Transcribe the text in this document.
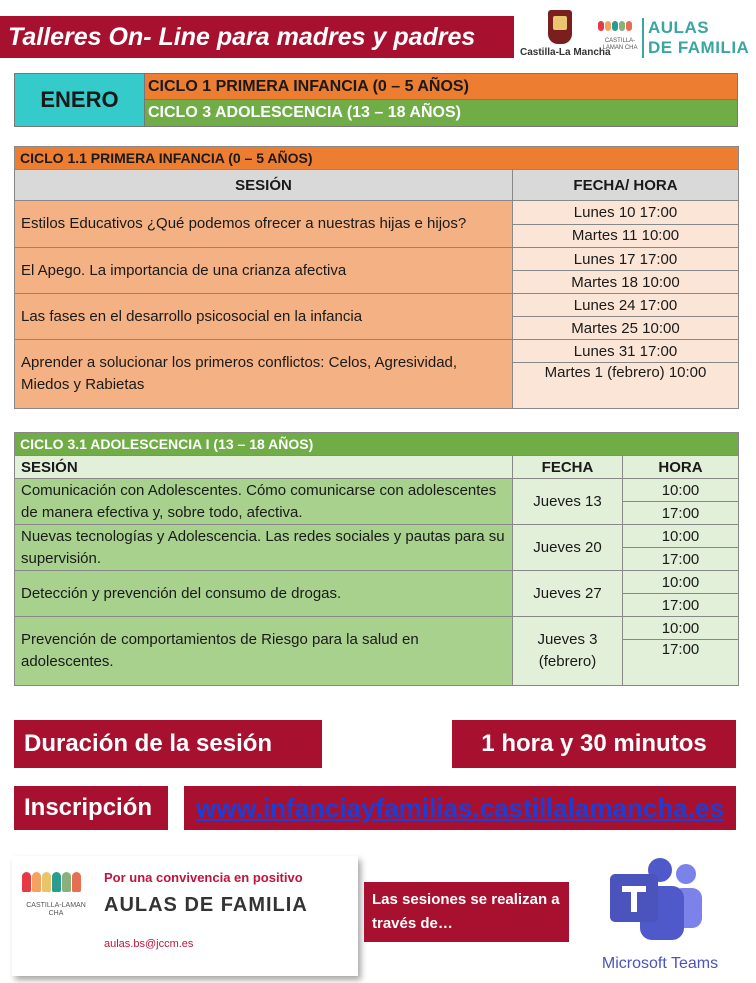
Talleres On- Line para madres y padres
Castilla-La Mancha
CASTILLA-LAMAN CHA
AULAS
DE FAMILIA
ENERO
CICLO 1 PRIMERA INFANCIA (0 – 5 AÑOS)
CICLO 3 ADOLESCENCIA (13 – 18 AÑOS)
CICLO 1.1 PRIMERA INFANCIA (0 – 5 AÑOS)	
SESIÓN	FECHA/ HORA
Estilos Educativos ¿Qué podemos ofrecer a nuestras hijas e hijos?	Lunes 10 17:00
	Martes 11 10:00
El Apego. La importancia de una crianza afectiva	Lunes 17 17:00
	Martes 18 10:00
Las fases en el desarrollo psicosocial en la infancia	Lunes 24 17:00
	Martes 25 10:00
Aprender a solucionar los primeros conflictos: Celos, Agresividad, Miedos y Rabietas	Lunes 31 17:00
	Martes 1 (febrero) 10:00
CICLO 3.1 ADOLESCENCIA I (13 – 18 AÑOS)		
SESIÓN	FECHA	HORA
Comunicación con Adolescentes. Cómo comunicarse con adolescentes de manera efectiva y, sobre todo, afectiva.	Jueves 13	10:00
		17:00
Nuevas tecnologías y Adolescencia. Las redes sociales y pautas para su supervisión.	Jueves 20	10:00
		17:00
Detección y prevención del consumo de drogas.	Jueves 27	10:00
		17:00
Prevención de comportamientos de Riesgo para la salud en adolescentes.	Jueves 3 (febrero)	10:00
		17:00
Duración de la sesión	1 hora y 30 minutos
Inscripción	www.infanciayfamilias.castillalamancha.es
CASTILLA-LAMAN CHA
Por una convivencia en positivo
AULAS DE FAMILIA
aulas.bs@jccm.es
Las sesiones se realizan a través de…
Microsoft Teams
